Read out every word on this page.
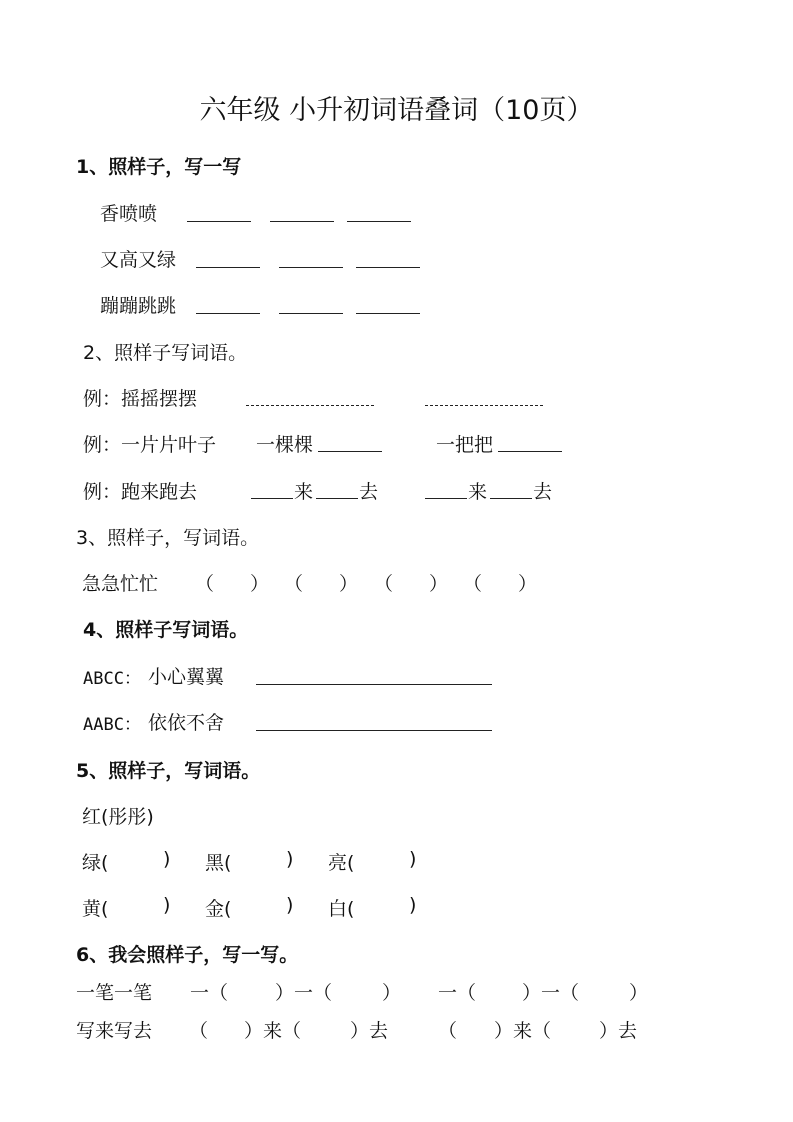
六年级 小升初词语叠词（10页）
1、照样子，写一写
香喷喷
又高又绿
蹦蹦跳跳
2、照样子写词语。
例：摇摇摆摆
例：一片片叶子 一棵棵	一把把
例：跑来跑去	来 去	来 去
3、照样子，写词语。
急急忙忙 （ ） （ ） （ ） （ ）
4、照样子写词语。
ABCC： 小心翼翼
AABC： 依依不舍
5、照样子，写词语。
红(彤彤)
绿(	) 黑(	) 亮(	)
黄(	) 金(	) 白(	)
6、我会照样子，写一写。
一笔一笔 一（ ）一（	） 一（ ）一（	）
写来写去 （ ）来（	）去	（ ）来（	）去
